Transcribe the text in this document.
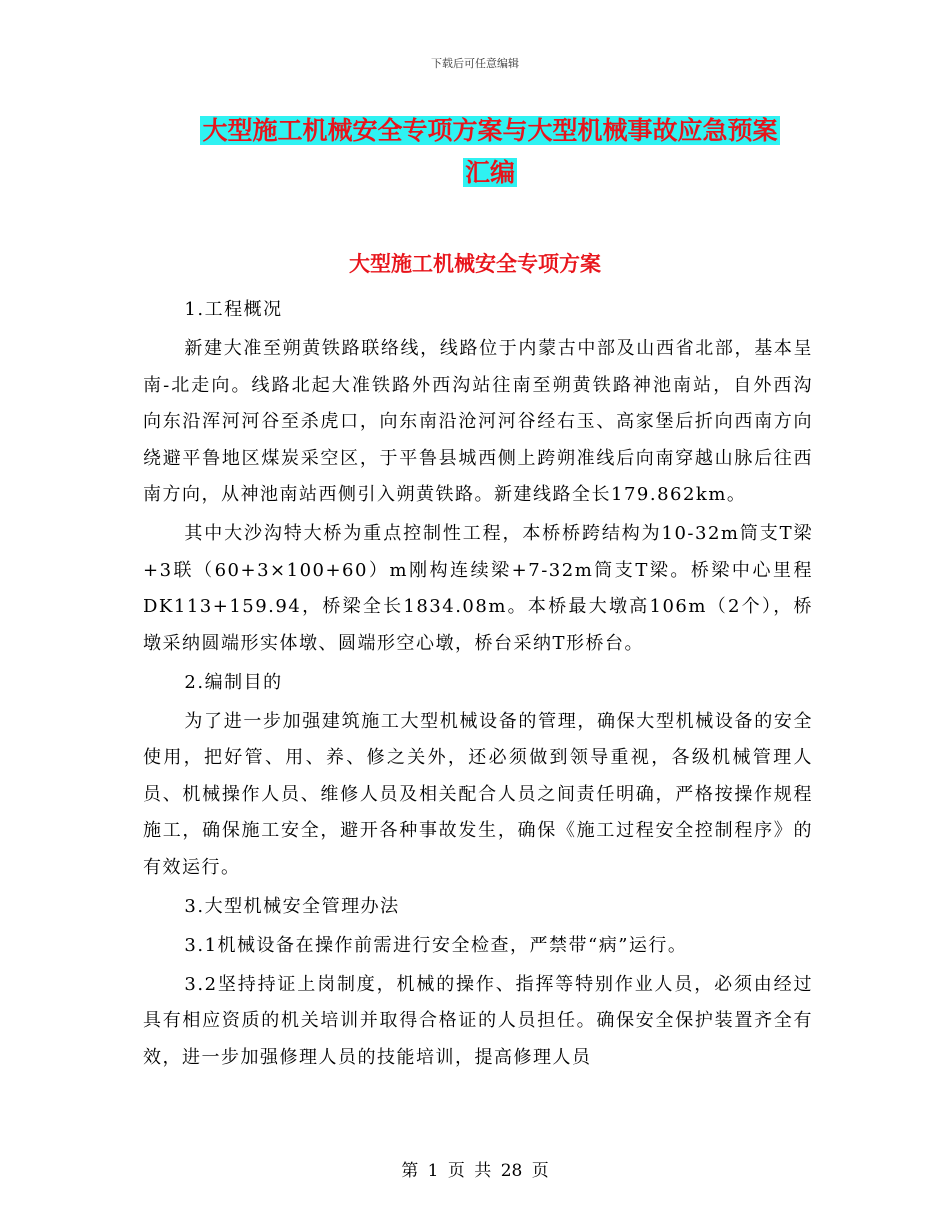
下载后可任意编辑
大型施工机械安全专项方案与大型机械事故应急预案
汇编
大型施工机械安全专项方案

1.工程概况

新建大准至朔黄铁路联络线，线路位于内蒙古中部及山西省北部，基本呈南-北走向。线路北起大准铁路外西沟站往南至朔黄铁路神池南站，自外西沟向东沿浑河河谷至杀虎口，向东南沿沧河河谷经右玉、高家堡后折向西南方向绕避平鲁地区煤炭采空区，于平鲁县城西侧上跨朔准线后向南穿越山脉后往西南方向，从神池南站西侧引入朔黄铁路。新建线路全长179.862km。

其中大沙沟特大桥为重点控制性工程，本桥桥跨结构为10-32m筒支T梁+3联（60+3×100+60）m刚构连续梁+7-32m筒支T梁。桥梁中心里程DK113+159.94，桥梁全长1834.08m。本桥最大墩高106m（2个），桥墩采纳圆端形实体墩、圆端形空心墩，桥台采纳T形桥台。

2.编制目的

为了进一步加强建筑施工大型机械设备的管理，确保大型机械设备的安全使用，把好管、用、养、修之关外，还必须做到领导重视，各级机械管理人员、机械操作人员、维修人员及相关配合人员之间责任明确，严格按操作规程施工，确保施工安全，避开各种事故发生，确保《施工过程安全控制程序》的有效运行。

3.大型机械安全管理办法

3.1机械设备在操作前需进行安全检查，严禁带“病”运行。

3.2坚持持证上岗制度，机械的操作、指挥等特别作业人员，必须由经过具有相应资质的机关培训并取得合格证的人员担任。确保安全保护装置齐全有效，进一步加强修理人员的技能培训，提高修理人员

第 1 页 共 28 页
